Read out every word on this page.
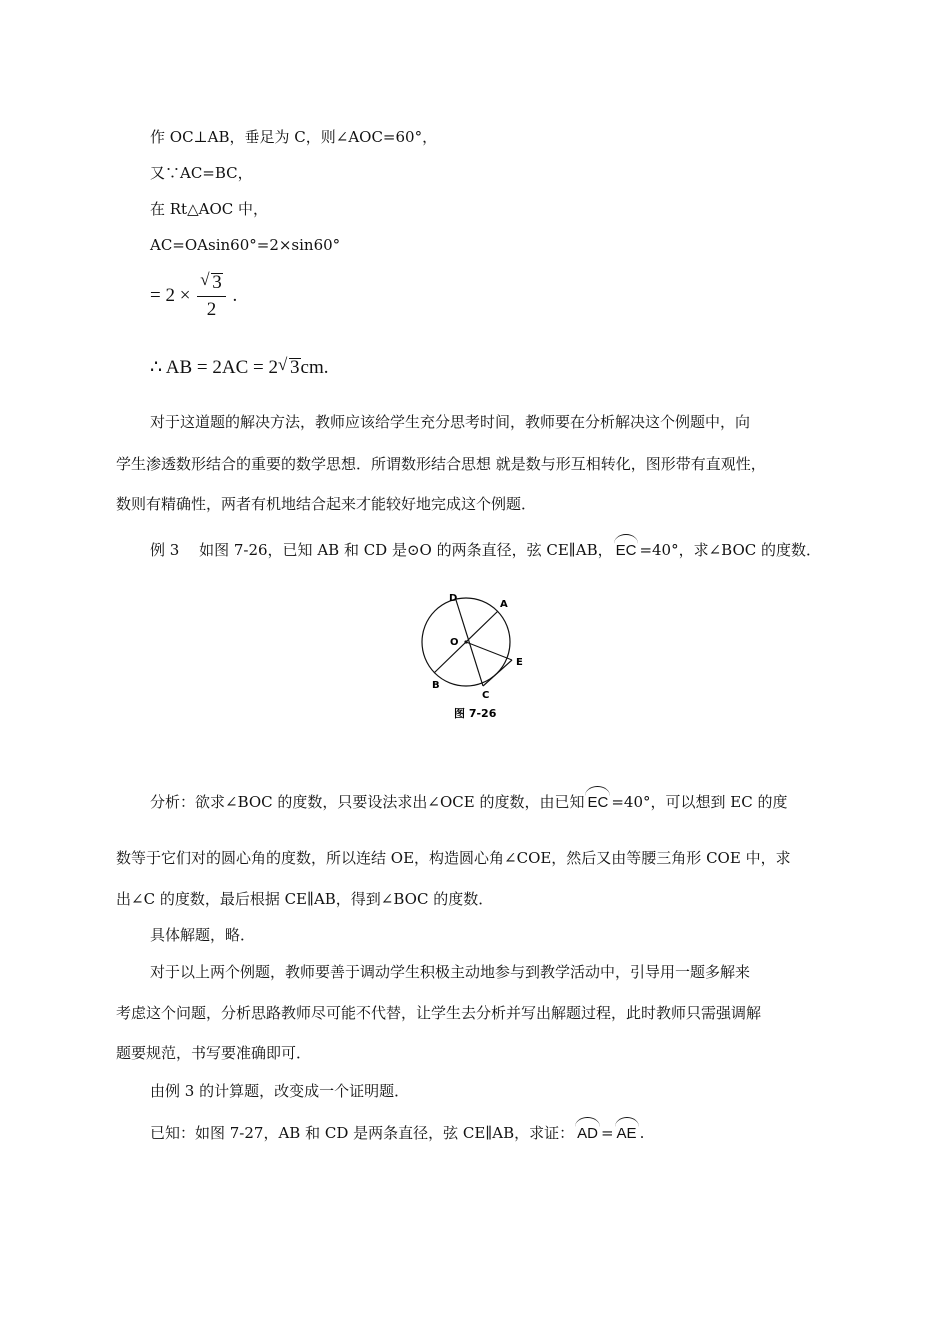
作 OC⊥AB，垂足为 C，则∠AOC=60°，
又∵AC=BC，
在 Rt△AOC 中，
AC=OAsin60°=2×sin60°
= $2 \times \frac{√ 3}{2}$ .
∴ AB = 2AC = 2 √ 3cm.
对于这道题的解决方法，教师应该给学生充分思考时间，教师要在分析解决这个例题中，向
学生渗透数形结合的重要的数学思想．所谓数形结合思想 就是数与形互相转化，图形带有直观性，
数则有精确性，两者有机地结合起来才能较好地完成这个例题．
例 3　 如图 7-26，已知 AB 和 CD 是⊙O 的两条直径，弦 CE∥AB， EC =40°，求∠BOC 的度数．
D
A
O
E
B
C
图 7-26
分析：欲求∠BOC 的度数，只要设法求出∠OCE 的度数，由已知 EC =40°，可以想到 EC 的度
数等于它们对的圆心角的度数，所以连结 OE，构造圆心角∠COE，然后又由等腰三角形 COE 中，求
出∠C 的度数，最后根据 CE∥AB，得到∠BOC 的度数．
具体解题，略．
对于以上两个例题，教师要善于调动学生积极主动地参与到教学活动中，引导用一题多解来
考虑这个问题，分析思路教师尽可能不代替，让学生去分析并写出解题过程，此时教师只需强调解
题要规范，书写要准确即可．
由例 3 的计算题，改变成一个证明题．
已知：如图 7-27，AB 和 CD 是两条直径，弦 CE∥AB，求证： AD = AE .
